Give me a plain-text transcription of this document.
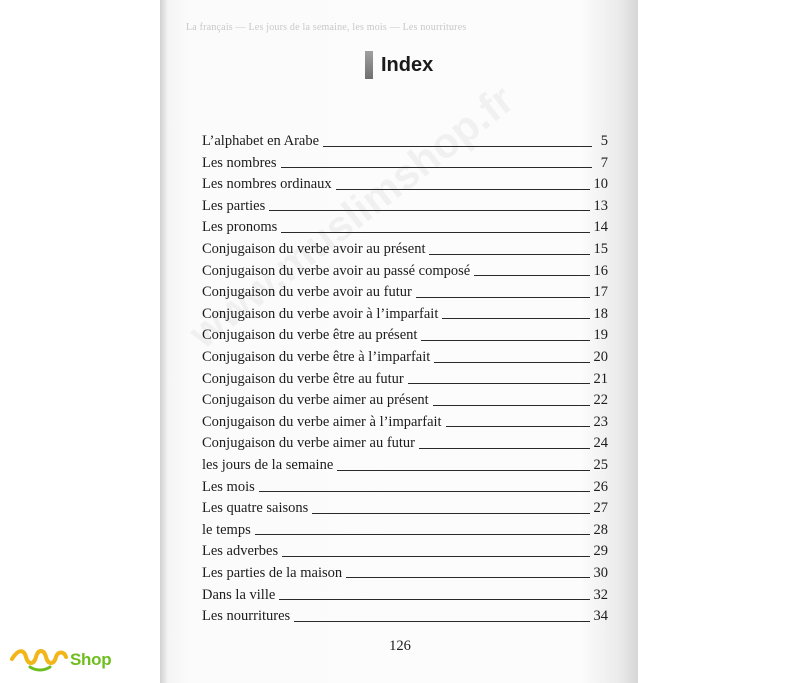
La français — Les jours de la semaine, les mois — Les nourritures
Index
L’alphabet en Arabe	5
Les nombres	7
Les nombres ordinaux	10
Les parties	13
Les pronoms	14
Conjugaison du verbe avoir au présent	15
Conjugaison du verbe avoir au passé composé	16
Conjugaison du verbe avoir au futur	17
Conjugaison du verbe avoir à l’imparfait	18
Conjugaison du verbe être au présent	19
Conjugaison du verbe être à l’imparfait	20
Conjugaison du verbe être au futur	21
Conjugaison du verbe aimer au présent	22
Conjugaison du verbe aimer à l’imparfait	23
Conjugaison du verbe aimer au futur	24
les jours de la semaine	25
Les mois	26
Les quatre saisons	27
le temps	28
Les adverbes	29
Les parties de la maison	30
Dans la ville	32
Les nourritures	34
126
Shop
